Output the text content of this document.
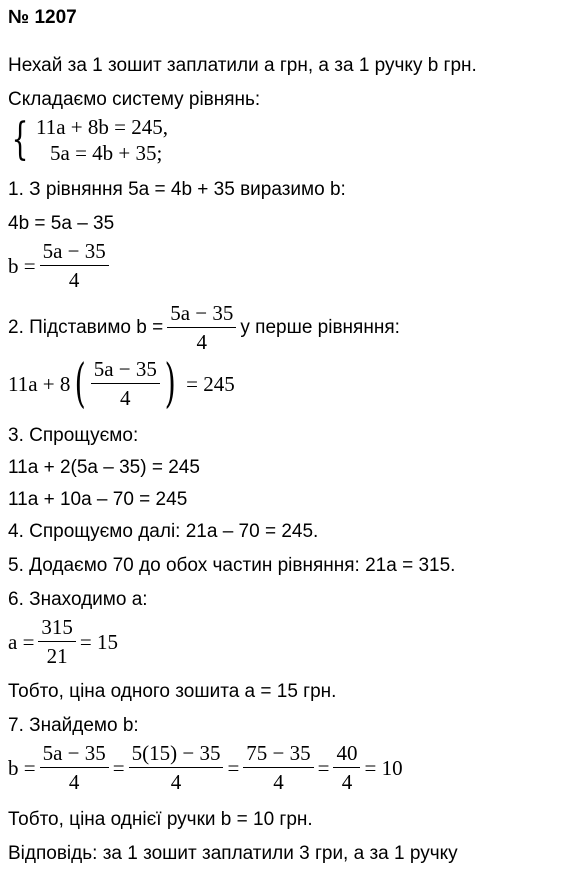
№ 1207
Нехай за 1 зошит заплатили a грн, а за 1 ручку b грн.
Складаємо систему рівнянь:
{ 11a + 8b = 245,
5a = 4b + 35;
1. З рівняння 5a = 4b + 35 виразимо b:
4b = 5a – 35
$b = \frac{5a - 35}{4}$
2. Підставимо $b = \frac{5a - 35}{4}$ у перше рівняння:
11a + 8 ( $\frac{5a - 35}{4}$ ) = 245
3. Спрощуємо:
11a + 2(5a – 35) = 245
11a + 10a – 70 = 245
4. Спрощуємо далі: 21a – 70 = 245.
5. Додаємо 70 до обох частин рівняння: 21a = 315.
6. Знаходимо a:
$a = \frac{315}{21} = 15$
Тобто, ціна одного зошита a = 15 грн.
7. Знайдемо b:
$b = \frac{5a - 35}{4} = \frac{5(15) - 35}{4} = \frac{75 - 35}{4} = \frac{40}{4} = 10$
Тобто, ціна однієї ручки b = 10 грн.
Відповідь: за 1 зошит заплатили 3 гри, а за 1 ручку
